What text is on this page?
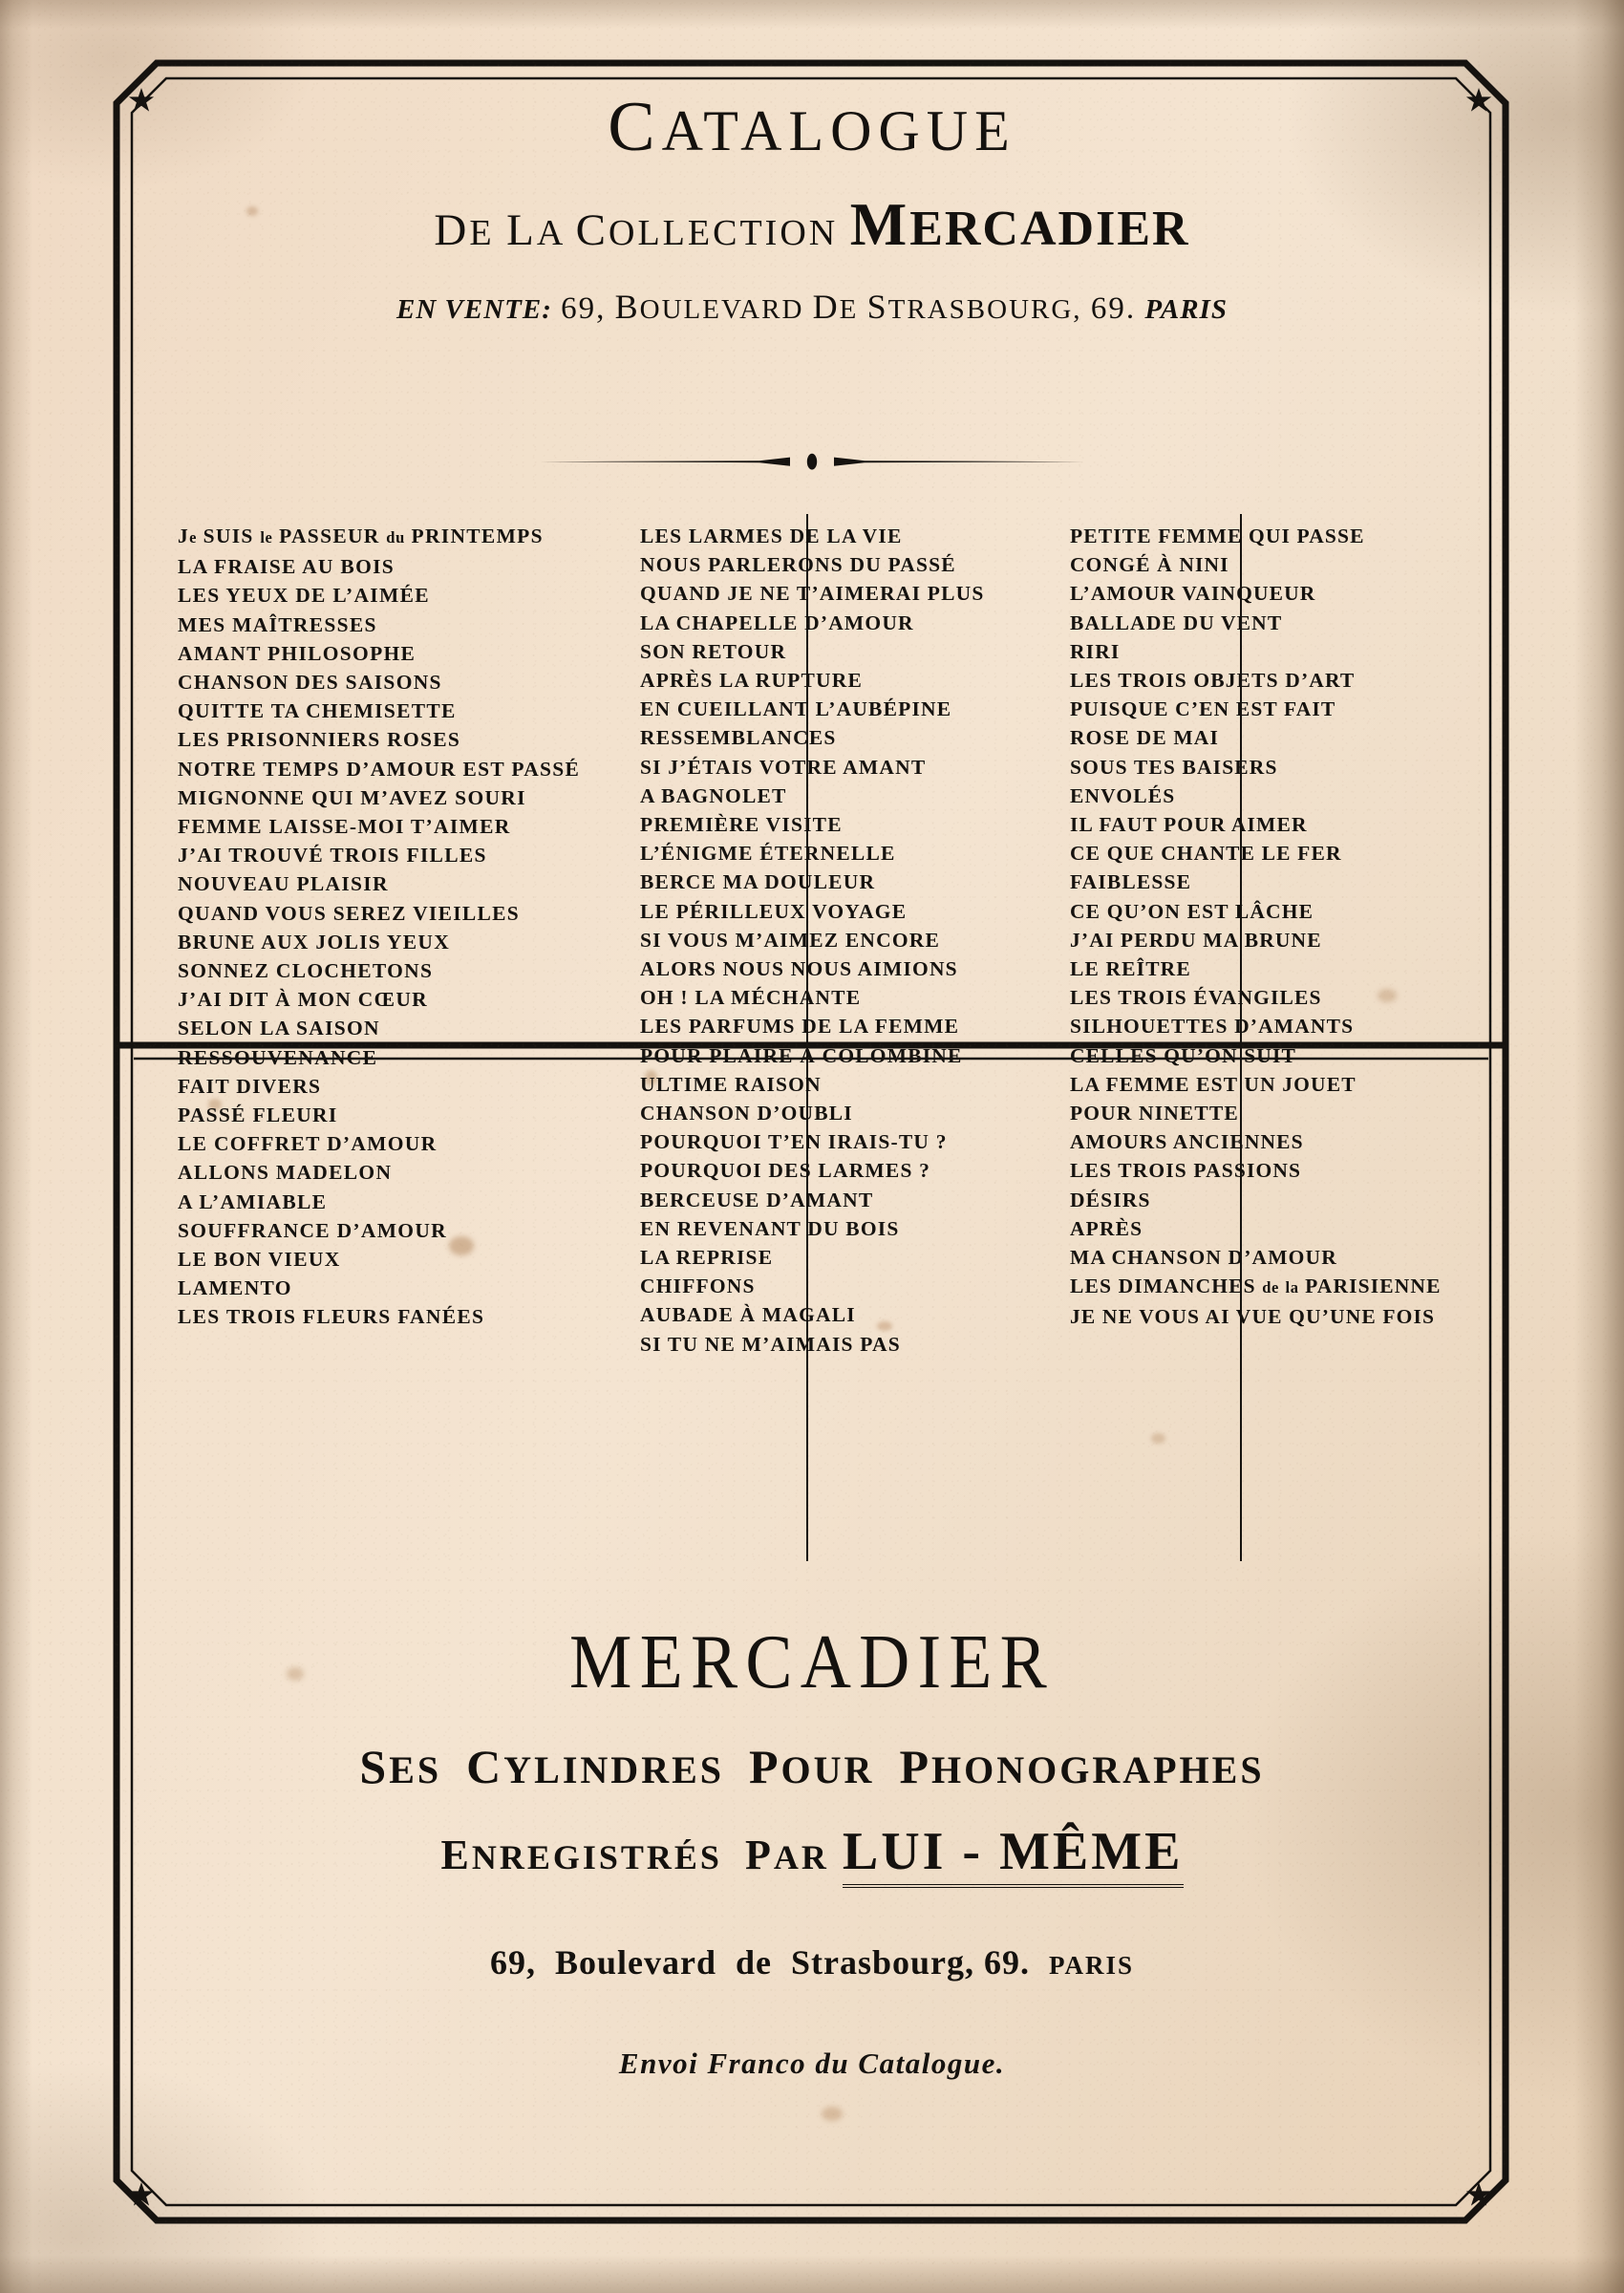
CATALOGUE
DE LA COLLECTION MERCADIER
EN VENTE: 69, BOULEVARD DE STRASBOURG, 69. PARIS
Je SUIS le PASSEUR du PRINTEMPS
LA FRAISE AU BOIS
LES YEUX DE L’AIMÉE
MES MAÎTRESSES
AMANT PHILOSOPHE
CHANSON DES SAISONS
QUITTE TA CHEMISETTE
LES PRISONNIERS ROSES
NOTRE TEMPS D’AMOUR EST PASSÉ
MIGNONNE QUI M’AVEZ SOURI
FEMME LAISSE-MOI T’AIMER
J’AI TROUVÉ TROIS FILLES
NOUVEAU PLAISIR
QUAND VOUS SEREZ VIEILLES
BRUNE AUX JOLIS YEUX
SONNEZ CLOCHETONS
J’AI DIT À MON CŒUR
SELON LA SAISON
RESSOUVENANCE
FAIT DIVERS
PASSÉ FLEURI
LE COFFRET D’AMOUR
ALLONS MADELON
A L’AMIABLE
SOUFFRANCE D’AMOUR
LE BON VIEUX
LAMENTO
LES TROIS FLEURS FANÉES
LES LARMES DE LA VIE
NOUS PARLERONS DU PASSÉ
QUAND JE NE T’AIMERAI PLUS
LA CHAPELLE D’AMOUR
SON RETOUR
APRÈS LA RUPTURE
EN CUEILLANT L’AUBÉPINE
RESSEMBLANCES
SI J’ÉTAIS VOTRE AMANT
A BAGNOLET
PREMIÈRE VISITE
L’ÉNIGME ÉTERNELLE
BERCE MA DOULEUR
LE PÉRILLEUX VOYAGE
SI VOUS M’AIMEZ ENCORE
ALORS NOUS NOUS AIMIONS
OH ! LA MÉCHANTE
LES PARFUMS DE LA FEMME
POUR PLAIRE À COLOMBINE
ULTIME RAISON
CHANSON D’OUBLI
POURQUOI T’EN IRAIS-TU ?
POURQUOI DES LARMES ?
BERCEUSE D’AMANT
EN REVENANT DU BOIS
LA REPRISE
CHIFFONS
AUBADE À MAGALI
SI TU NE M’AIMAIS PAS
PETITE FEMME QUI PASSE
CONGÉ À NINI
L’AMOUR VAINQUEUR
BALLADE DU VENT
RIRI
LES TROIS OBJETS D’ART
PUISQUE C’EN EST FAIT
ROSE DE MAI
SOUS TES BAISERS
ENVOLÉS
IL FAUT POUR AIMER
CE QUE CHANTE LE FER
FAIBLESSE
CE QU’ON EST LÂCHE
J’AI PERDU MA BRUNE
LE REÎTRE
LES TROIS ÉVANGILES
SILHOUETTES D’AMANTS
CELLES QU’ON SUIT
LA FEMME EST UN JOUET
POUR NINETTE
AMOURS ANCIENNES
LES TROIS PASSIONS
DÉSIRS
APRÈS
MA CHANSON D’AMOUR
LES DIMANCHES de la PARISIENNE
JE NE VOUS AI VUE QU’UNE FOIS
MERCADIER
SES  CYLINDRES  POUR  PHONOGRAPHES
ENREGISTRÉS  PAR LUI - MÊME
69,  Boulevard  de  Strasbourg, 69.  PARIS
Envoi Franco du Catalogue.
